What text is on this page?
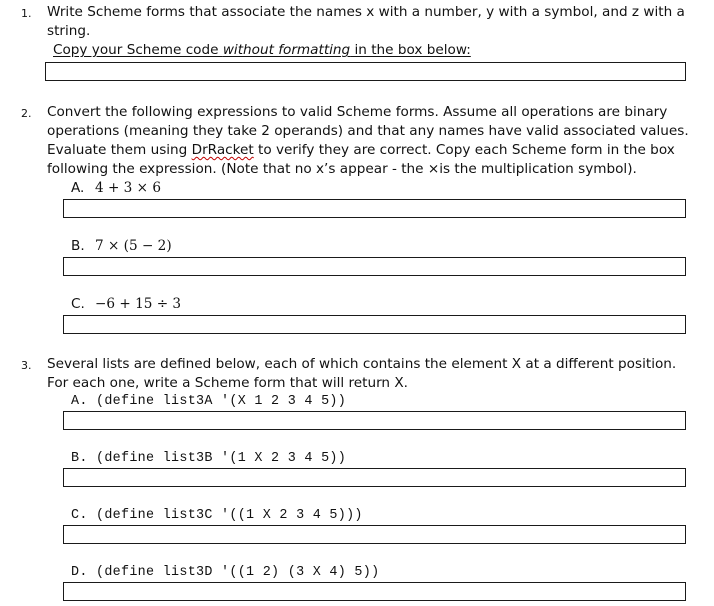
1. Write Scheme forms that associate the names x with a number, y with a symbol, and z with a
string.
Copy your Scheme code without formatting in the box below:
2. Convert the following expressions to valid Scheme forms. Assume all operations are binary
operations (meaning they take 2 operands) and that any names have valid associated values.
Evaluate them using DrRacket to verify they are correct. Copy each Scheme form in the box
following the expression. (Note that no x’s appear - the ×is the multiplication symbol).
A. 4 + 3 × 6
B. 7 × (5 − 2)
C. −6 + 15 ÷ 3
3. Several lists are defined below, each of which contains the element X at a different position.
For each one, write a Scheme form that will return X.
A. (define list3A '(X 1 2 3 4 5))
B. (define list3B '(1 X 2 3 4 5))
C. (define list3C '((1 X 2 3 4 5)))
D. (define list3D '((1 2) (3 X 4) 5))
